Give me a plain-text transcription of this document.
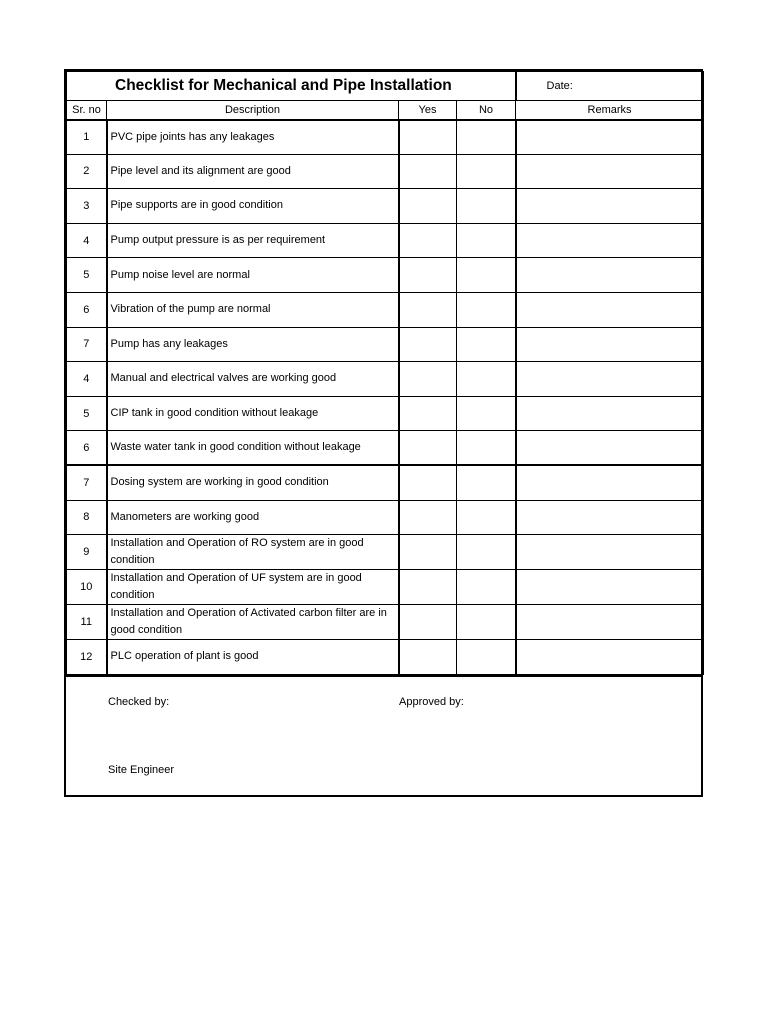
Checklist for Mechanical and Pipe Installation				Date:
Sr. no	Description	Yes	No	Remarks
1	PVC pipe joints has any leakages			
2	Pipe level and its alignment are good			
3	Pipe supports are in good condition			
4	Pump output pressure is as per requirement			
5	Pump noise level are normal			
6	Vibration of the pump are normal			
7	Pump has any leakages			
4	Manual and electrical valves are working good			
5	CIP tank in good condition without leakage			
6	Waste water tank in good condition without leakage			
7	Dosing system are working in good condition			
8	Manometers are working good			
9	Installation and Operation of RO system are in good condition			
10	Installation and Operation of UF system are in good condition			
11	Installation and Operation of Activated carbon filter are in good condition			
12	PLC operation of plant is good			
Checked by:	Approved by:
Site Engineer
